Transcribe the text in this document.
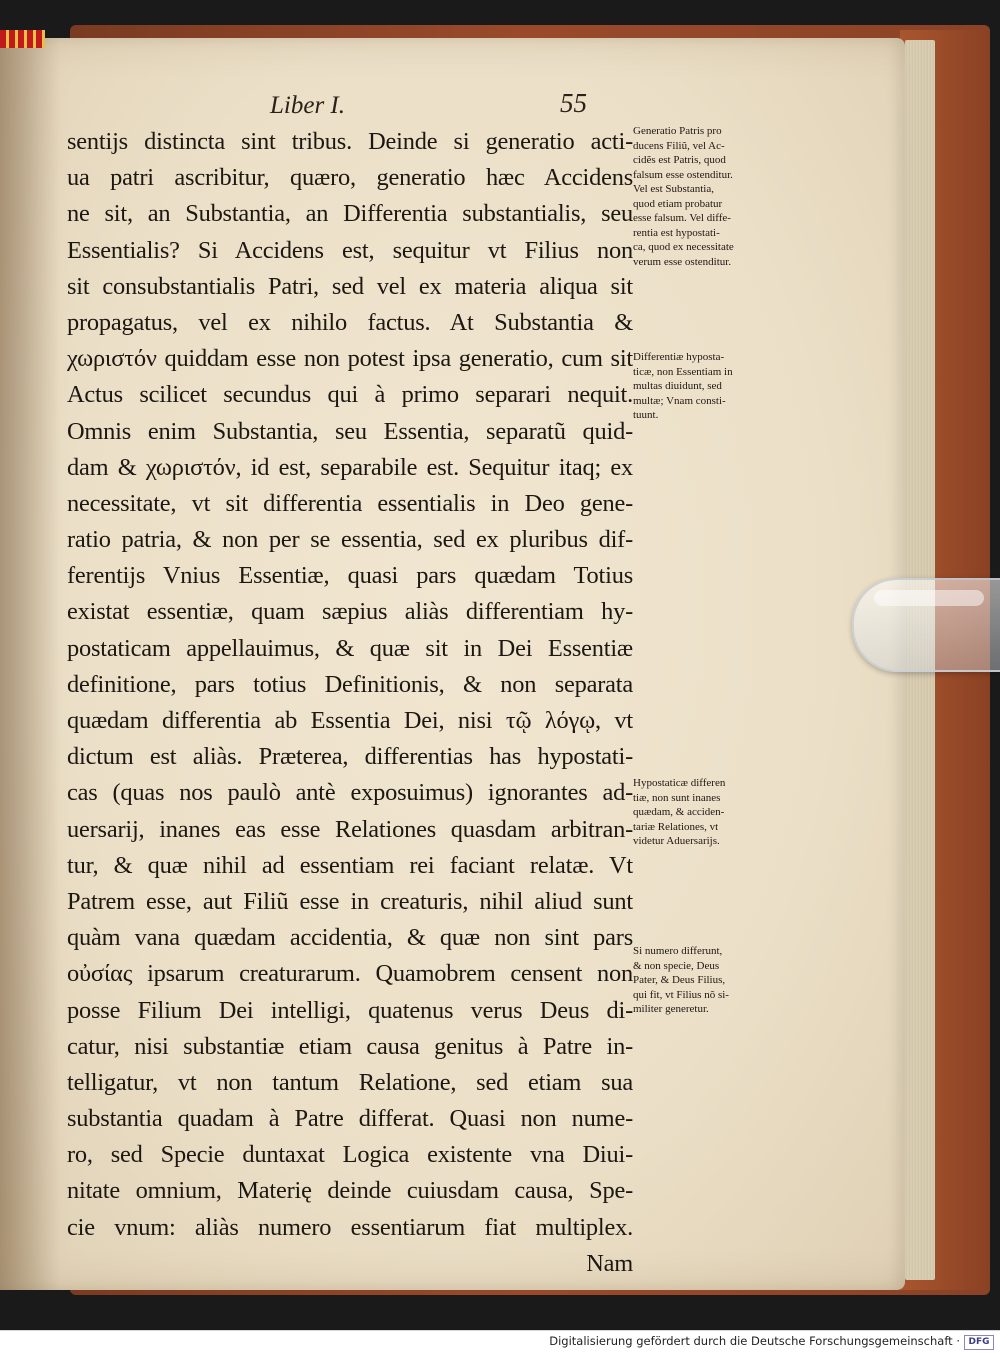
Liber I.	55
sentijs distincta sint tribus. Deinde si generatio acti-
ua patri ascribitur, quæro, generatio hæc Accidens
ne sit, an Substantia, an Differentia substantialis, seu
Essentialis? Si Accidens est, sequitur vt Filius non
sit consubstantialis Patri, sed vel ex materia aliqua sit
propagatus, vel ex nihilo factus. At Substantia &
χωριστόν quiddam esse non potest ipsa generatio, cum sit
Actus scilicet secundus qui à primo separari nequit.
Omnis enim Substantia, seu Essentia, separatũ quid-
dam & χωριστόν, id est, separabile est. Sequitur itaq; ex
necessitate, vt sit differentia essentialis in Deo gene-
ratio patria, & non per se essentia, sed ex pluribus dif-
ferentijs Vnius Essentiæ, quasi pars quædam Totius
existat essentiæ, quam sæpius aliàs differentiam hy-
postaticam appellauimus, & quæ sit in Dei Essentiæ
definitione, pars totius Definitionis, & non separata
quædam differentia ab Essentia Dei, nisi τῷ λόγῳ, vt
dictum est aliàs. Præterea, differentias has hypostati-
cas (quas nos paulò antè exposuimus) ignorantes ad-
uersarij, inanes eas esse Relationes quasdam arbitran-
tur, & quæ nihil ad essentiam rei faciant relatæ. Vt
Patrem esse, aut Filiũ esse in creaturis, nihil aliud sunt
quàm vana quædam accidentia, & quæ non sint pars
οὐσίας ipsarum creaturarum. Quamobrem censent non
posse Filium Dei intelligi, quatenus verus Deus di-
catur, nisi substantiæ etiam causa genitus à Patre in-
telligatur, vt non tantum Relatione, sed etiam sua
substantia quadam à Patre differat. Quasi non nume-
ro, sed Specie duntaxat Logica existente vna Diui-
nitate omnium, Materię deinde cuiusdam causa, Spe-
cie vnum: aliàs numero essentiarum fiat multiplex.
Nam
Generatio Patris pro
ducens Filiũ, vel Ac-
cidẽs est Patris, quod
falsum esse ostenditur.
Vel est Substantia,
quod etiam probatur
esse falsum. Vel diffe-
rentia est hypostati-
ca, quod ex necessitate
verum esse ostenditur.
Differentiæ hyposta-
ticæ, non Essentiam in
multas diuidunt, sed
multæ; Vnam consti-
tuunt.
Hypostaticæ differen
tiæ, non sunt inanes
quædam, & acciden-
tariæ Relationes, vt
videtur Aduersarijs.
Si numero differunt,
& non specie, Deus
Pater, & Deus Filius,
qui fit, vt Filius nõ si-
militer generetur.
Digitalisierung gefördert durch die Deutsche Forschungsgemeinschaft · DFG
